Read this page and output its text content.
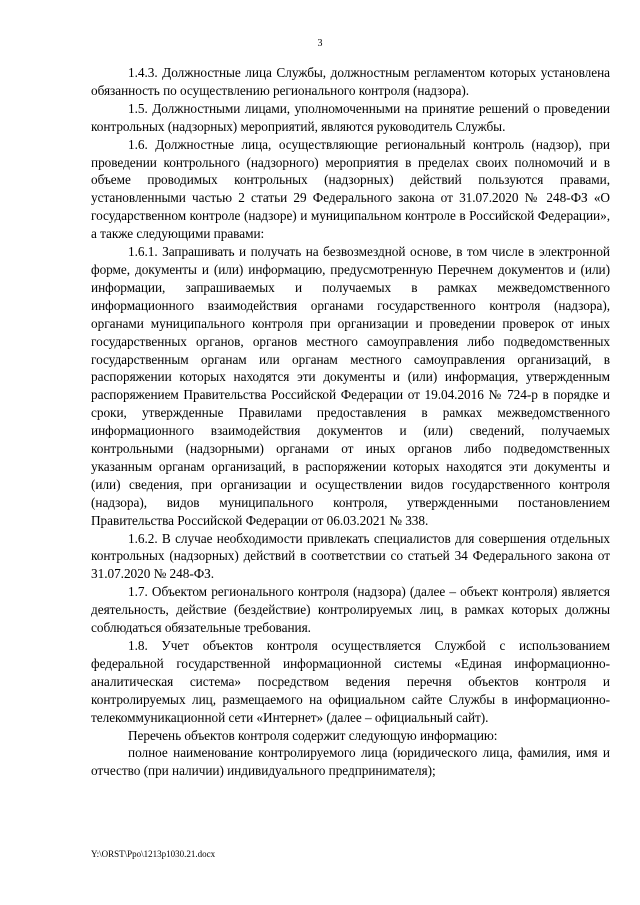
3

1.4.3. Должностные лица Службы, должностным регламентом которых установлена обязанность по осуществлению регионального контроля (надзора).

1.5. Должностными лицами, уполномоченными на принятие решений о проведении контрольных (надзорных) мероприятий, являются руководитель Службы.

1.6. Должностные лица, осуществляющие региональный контроль (надзор), при проведении контрольного (надзорного) мероприятия в пределах своих полномочий и в объеме проводимых контрольных (надзорных) действий пользуются правами, установленными частью 2 статьи 29 Федерального закона от 31.07.2020 № 248-ФЗ «О государственном контроле (надзоре) и муниципальном контроле в Российской Федерации», а также следующими правами:

1.6.1. Запрашивать и получать на безвозмездной основе, в том числе в электронной форме, документы и (или) информацию, предусмотренную Перечнем документов и (или) информации, запрашиваемых и получаемых в рамках межведомственного информационного взаимодействия органами государственного контроля (надзора), органами муниципального контроля при организации и проведении проверок от иных государственных органов, органов местного самоуправления либо подведомственных государственным органам или органам местного самоуправления организаций, в распоряжении которых находятся эти документы и (или) информация, утвержденным распоряжением Правительства Российской Федерации от 19.04.2016 № 724-р в порядке и сроки, утвержденные Правилами предоставления в рамках межведомственного информационного взаимодействия документов и (или) сведений, получаемых контрольными (надзорными) органами от иных органов либо подведомственных указанным органам организаций, в распоряжении которых находятся эти документы и (или) сведения, при организации и осуществлении видов государственного контроля (надзора), видов муниципального контроля, утвержденными постановлением Правительства Российской Федерации от 06.03.2021 № 338.

1.6.2. В случае необходимости привлекать специалистов для совершения отдельных контрольных (надзорных) действий в соответствии со статьей 34 Федерального закона от 31.07.2020 № 248-ФЗ.

1.7. Объектом регионального контроля (надзора) (далее – объект контроля) является деятельность, действие (бездействие) контролируемых лиц, в рамках которых должны соблюдаться обязательные требования.

1.8. Учет объектов контроля осуществляется Службой с использованием федеральной государственной информационной системы «Единая информационно-аналитическая система» посредством ведения перечня объектов контроля и контролируемых лиц, размещаемого на официальном сайте Службы в информационно-телекоммуникационной сети «Интернет» (далее – официальный сайт).

Перечень объектов контроля содержит следующую информацию:

полное наименование контролируемого лица (юридического лица, фамилия, имя и отчество (при наличии) индивидуального предпринимателя);

Y:\ORST\Ppo\1213p1030.21.docx
